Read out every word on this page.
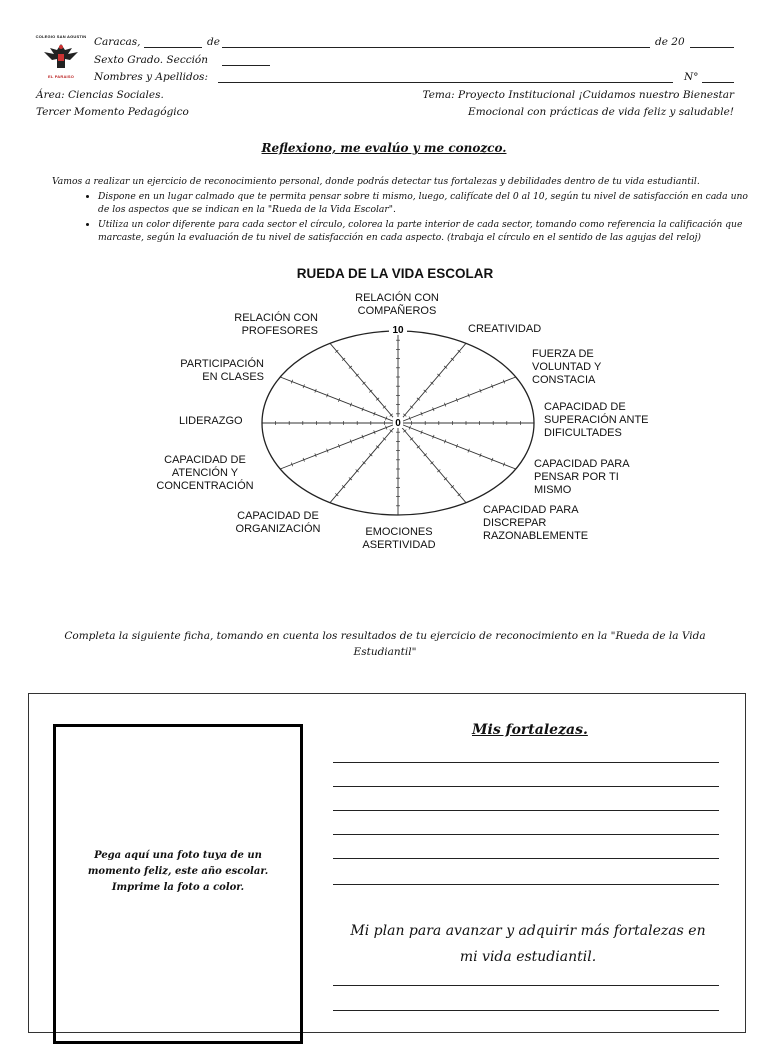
COLEGIO SAN AGUSTIN
EL PARAISO
Caracas,	de	de 20
Sexto Grado. Sección
Nombres y Apellidos:	N°
Área: Ciencias Sociales.
Tercer Momento Pedagógico
Tema: Proyecto Institucional ¡Cuidamos nuestro Bienestar
Emocional con prácticas de vida feliz y saludable!
Reflexiono, me evalúo y me conozco.
Vamos a realizar un ejercicio de reconocimiento personal, donde podrás detectar tus fortalezas y debilidades dentro de tu vida estudiantil.
• Dispone en un lugar calmado que te permita pensar sobre ti mismo, luego, califícate del 0 al 10, según tu nivel de satisfacción en cada uno de los aspectos que se indican en la "Rueda de la Vida Escolar".
• Utiliza un color diferente para cada sector el círculo, colorea la parte interior de cada sector, tomando como referencia la calificación que marcaste, según la evaluación de tu nivel de satisfacción en cada aspecto. (trabaja el círculo en el sentido de las agujas del reloj)
RUEDA DE LA VIDA ESCOLAR
10
0
RELACIÓN CON COMPAÑEROS
CREATIVIDAD
FUERZA DE VOLUNTAD Y CONSTACIA
CAPACIDAD DE SUPERACIÓN ANTE DIFICULTADES
CAPACIDAD PARA PENSAR POR TI MISMO
CAPACIDAD PARA DISCREPAR RAZONABLEMENTE
EMOCIONES ASERTIVIDAD
CAPACIDAD DE ORGANIZACIÓN
CAPACIDAD DE ATENCIÓN Y CONCENTRACIÓN
LIDERAZGO
PARTICIPACIÓN EN CLASES
RELACIÓN CON PROFESORES
Completa la siguiente ficha, tomando en cuenta los resultados de tu ejercicio de reconocimiento en la "Rueda de la Vida Estudiantil"
Pega aquí una foto tuya de un momento feliz, este año escolar. Imprime la foto a color.
Mis fortalezas.
Mi plan para avanzar y adquirir más fortalezas en mi vida estudiantil.
